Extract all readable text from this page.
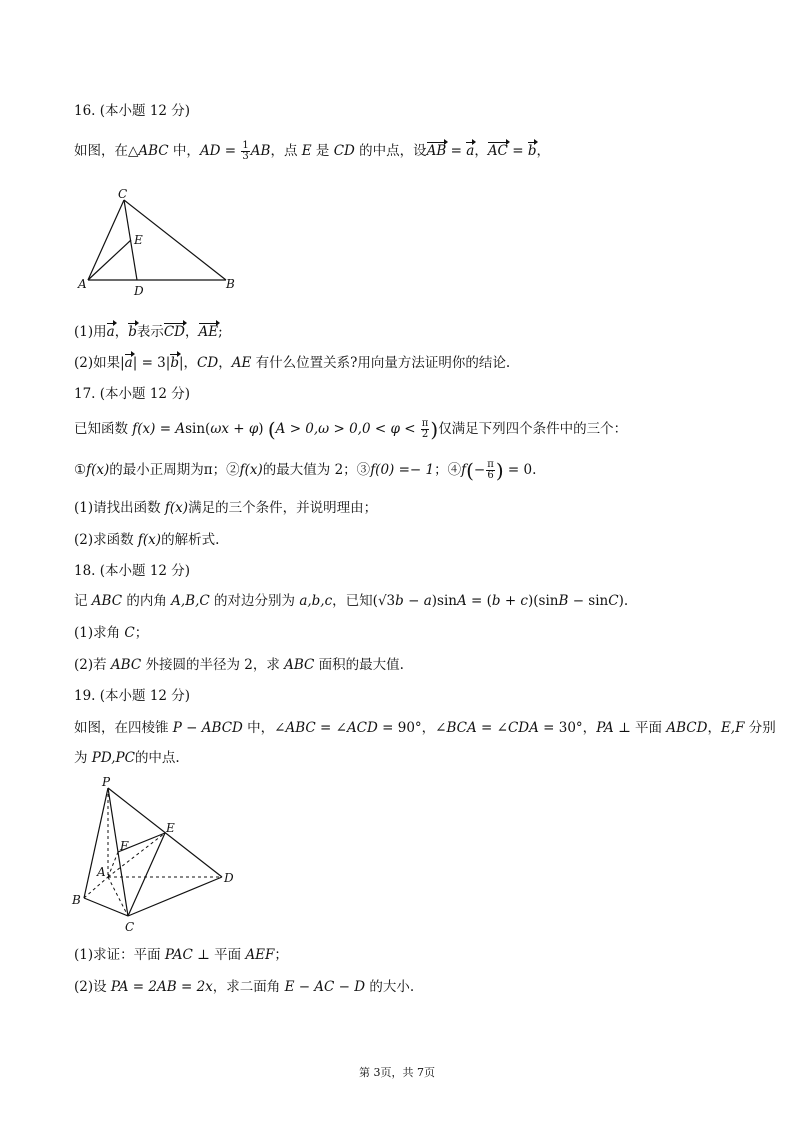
16. (本小题 12 分)
如图，在△ABC 中，AD = $\frac{1}{3}$ AB，点 E 是 CD 的中点，设AB = a，AC = b，
C
E
A	D	B
(1)用a，b表示CD，AE;
(2)如果|a| = 3|b|，CD，AE 有什么位置关系?用向量方法证明你的结论.
17. (本小题 12 分)
已知函数 f(x) = Asin(ωx + φ) ($A > 0,\omega > 0,0 < \varphi < \frac{\pi}{2}$ )仅满足下列四个条件中的三个：
①f(x)的最小正周期为π；②f(x)的最大值为 2；③f(0) =− 1；④f(− $\frac{\pi}{6}$ ) = 0.
(1)请找出函数 f(x)满足的三个条件，并说明理由；
(2)求函数 f(x)的解析式.
18. (本小题 12 分)
记 ABC 的内角 A,B,C 的对边分别为 a,b,c，已知(√3b − a)sinA = (b + c)(sinB − sinC).
(1)求角 C；
(2)若 ABC 外接圆的半径为 2，求 ABC 面积的最大值.
19. (本小题 12 分)
如图，在四棱锥 P − ABCD 中，∠ABC = ∠ACD = 90°，∠BCA = ∠CDA = 30°，PA ⊥ 平面 ABCD，E,F 分别
为 PD,PC的中点.
P
E
F
A	D
B
C
(1)求证：平面 PAC ⊥ 平面 AEF；
(2)设 PA = 2AB = 2x，求二面角 E − AC − D 的大小.
第 3页，共 7页
